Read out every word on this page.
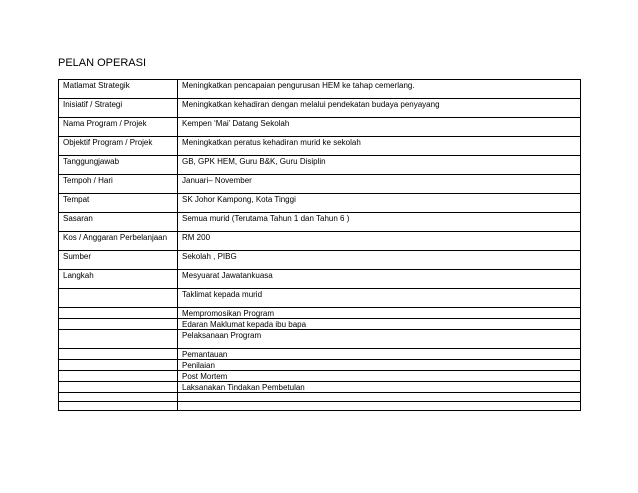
PELAN OPERASI
Matlamat Strategik	Meningkatkan pencapaian pengurusan HEM ke tahap cemerlang.
Inisiatif / Strategi	Meningkatkan kehadiran dengan melalui pendekatan budaya penyayang
Nama Program / Projek	Kempen ‘Mai’ Datang Sekolah
Objektif Program / Projek	Meningkatkan peratus kehadiran murid ke sekolah
Tanggungjawab	GB, GPK HEM, Guru B&K, Guru Disiplin
Tempoh / Hari	Januari– November
Tempat	SK Johor Kampong, Kota Tinggi
Sasaran	Semua murid (Terutama Tahun 1 dan Tahun 6 )
Kos / Anggaran Perbelanjaan	RM 200
Sumber	Sekolah , PIBG
Langkah	Mesyuarat Jawatankuasa
	Taklimat kepada murid
	Mempromosikan Program
	Edaran Maklumat kepada ibu bapa
	Pelaksanaan Program
	Pemantauan
	Penilaian
	Post Mortem
	Laksanakan Tindakan Pembetulan
